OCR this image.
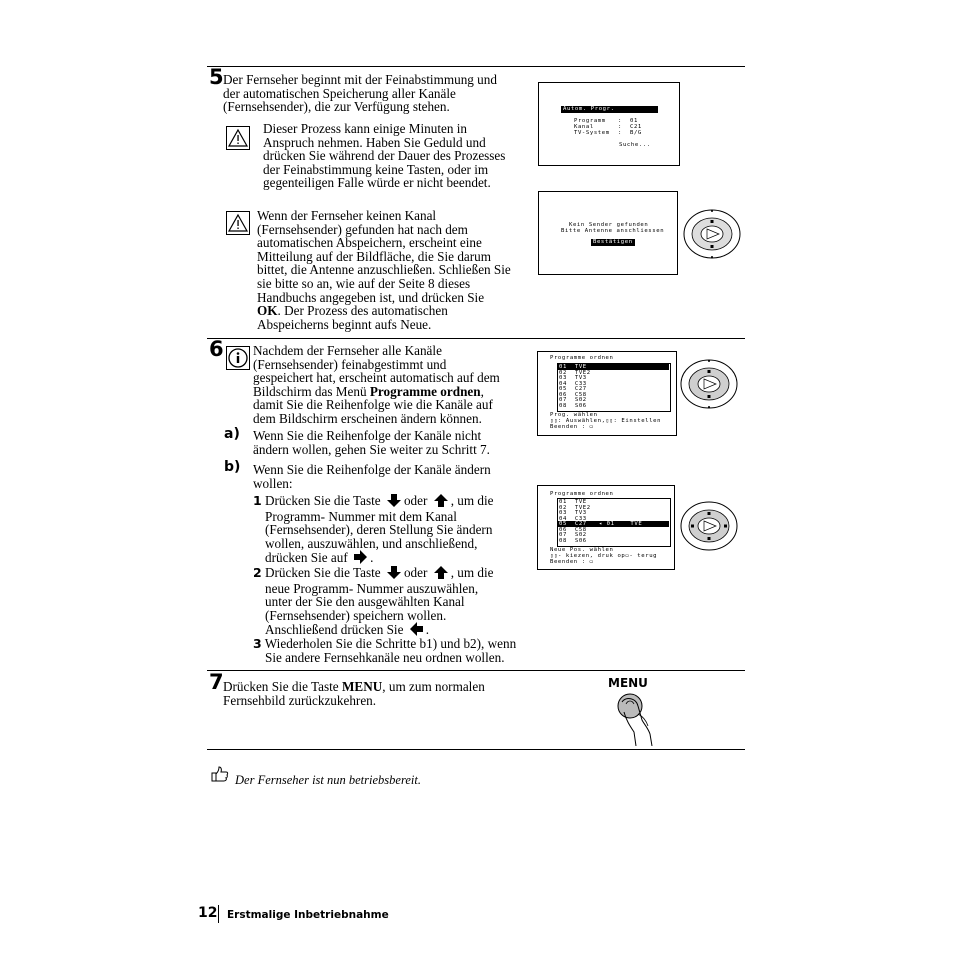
5 Der Fernseher beginnt mit der Feinabstimmung und
der automatischen Speicherung aller Kanäle
(Fernsehsender), die zur Verfügung stehen.
Dieser Prozess kann einige Minuten in
Anspruch nehmen. Haben Sie Geduld und
drücken Sie während der Dauer des Prozesses
der Feinabstimmung keine Tasten, oder im
gegenteiligen Falle würde er nicht beendet.
Wenn der Fernseher keinen Kanal
(Fernsehsender) gefunden hat nach dem
automatischen Abspeichern, erscheint eine
Mitteilung auf der Bildfläche, die Sie darum
bittet, die Antenne anzuschließen. Schließen Sie
sie bitte so an, wie auf der Seite 8 dieses
Handbuchs angegeben ist, und drücken Sie
OK. Der Prozess des automatischen
Abspeicherns beginnt aufs Neue.
Autom. Progr.
Programm : 01
Kanal	: C21
TV-System : B/G
Suche...
Kein Sender gefunden
Bitte Antenne anschliessen
Bestätigen
6 Nachdem der Fernseher alle Kanäle
(Fernsehsender) feinabgestimmt und
gespeichert hat, erscheint automatisch auf dem
Bildschirm das Menü Programme ordnen,
damit Sie die Reihenfolge wie die Kanäle auf
dem Bildschirm erscheinen ändern können.
a) Wenn Sie die Reihenfolge der Kanäle nicht
ändern wollen, gehen Sie weiter zu Schritt 7.
b) Wenn Sie die Reihenfolge der Kanäle ändern
wollen:
1 Drücken Sie die Taste oder , um die
Programm- Nummer mit dem Kanal
(Fernsehsender), deren Stellung Sie ändern
wollen, auszuwählen, und anschließend,
drücken Sie auf .
2 Drücken Sie die Taste oder , um die
neue Programm- Nummer auszuwählen,
unter der Sie den ausgewählten Kanal
(Fernsehsender) speichern wollen.
Anschließend drücken Sie .
3 Wiederholen Sie die Schritte b1) und b2), wenn
Sie andere Fernsehkanäle neu ordnen wollen.
Programme ordnen
01 TVE
02 TVE2
03 TV3
04 C33
05 C27
06 C58
07 S02
08 S06
Prog. wählen
▯▯: Auswählen,▯▯: Einstellen
Beenden : ▭
Programme ordnen
01 TVE
02 TVE2
03 TV3
04 C33
05 C27   ◂ 01    TVE
06 C58
07 S02
08 S06
Neue Pos. wählen
▯▯- kiezen, druk op▭- terug
Beenden : ▭
7 Drücken Sie die Taste MENU, um zum normalen
Fernsehbild zurückzukehren.
MENU
Der Fernseher ist nun betriebsbereit.
12 Erstmalige Inbetriebnahme
